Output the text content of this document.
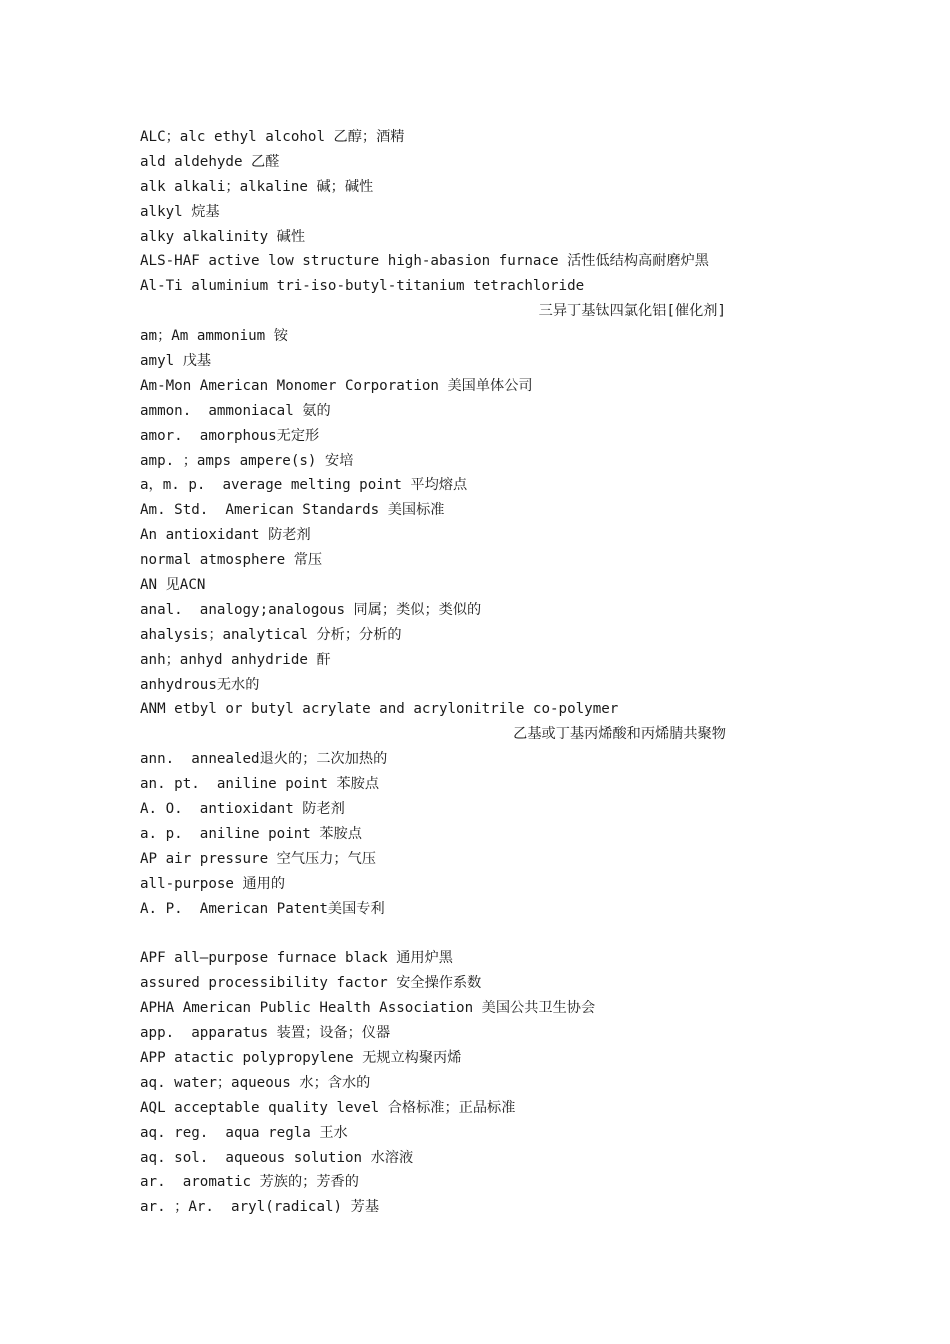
ALC；alc ethyl alcohol 乙醇；酒精
ald aldehyde 乙醛
alk alkali；alkaline 碱；碱性
alkyl 烷基
alky alkalinity 碱性
ALS-HAF active low structure high-abasion furnace 活性低结构高耐磨炉黑
Al-Ti aluminium tri-iso-butyl-titanium tetrachloride
三异丁基钛四氯化铝[催化剂]
am；Am ammonium 铵
amyl 戊基
Am-Mon American Monomer Corporation 美国单体公司
ammon.  ammoniacal 氨的
amor.  amorphous无定形
amp. ；amps ampere(s) 安培
a，m. p.  average melting point 平均熔点
Am. Std.  American Standards 美国标准
An antioxidant 防老剂
normal atmosphere 常压
AN 见ACN
anal.  analogy;analogous 同属；类似；类似的
ahalysis；analytical 分析；分析的
anh；anhyd anhydride 酐
anhydrous无水的
ANM etbyl or butyl acrylate and acrylonitrile co-polymer
乙基或丁基丙烯酸和丙烯腈共聚物
ann.  annealed退火的；二次加热的
an. pt.  aniline point 苯胺点
A. O.  antioxidant 防老剂
a. p.  aniline point 苯胺点
AP air pressure 空气压力；气压
all-purpose 通用的
A. P.  American Patent美国专利
APF all—purpose furnace black 通用炉黑
assured processibility factor 安全操作系数
APHA American Public Health Association 美国公共卫生协会
app.  apparatus 装置；设备；仪器
APP atactic polypropylene 无规立构聚丙烯
aq. water；aqueous 水；含水的
AQL acceptable quality level 合格标准；正品标准
aq. reg.  aqua regla 王水
aq. sol.  aqueous solution 水溶液
ar.  aromatic 芳族的；芳香的
ar. ；Ar.  aryl(radical) 芳基
